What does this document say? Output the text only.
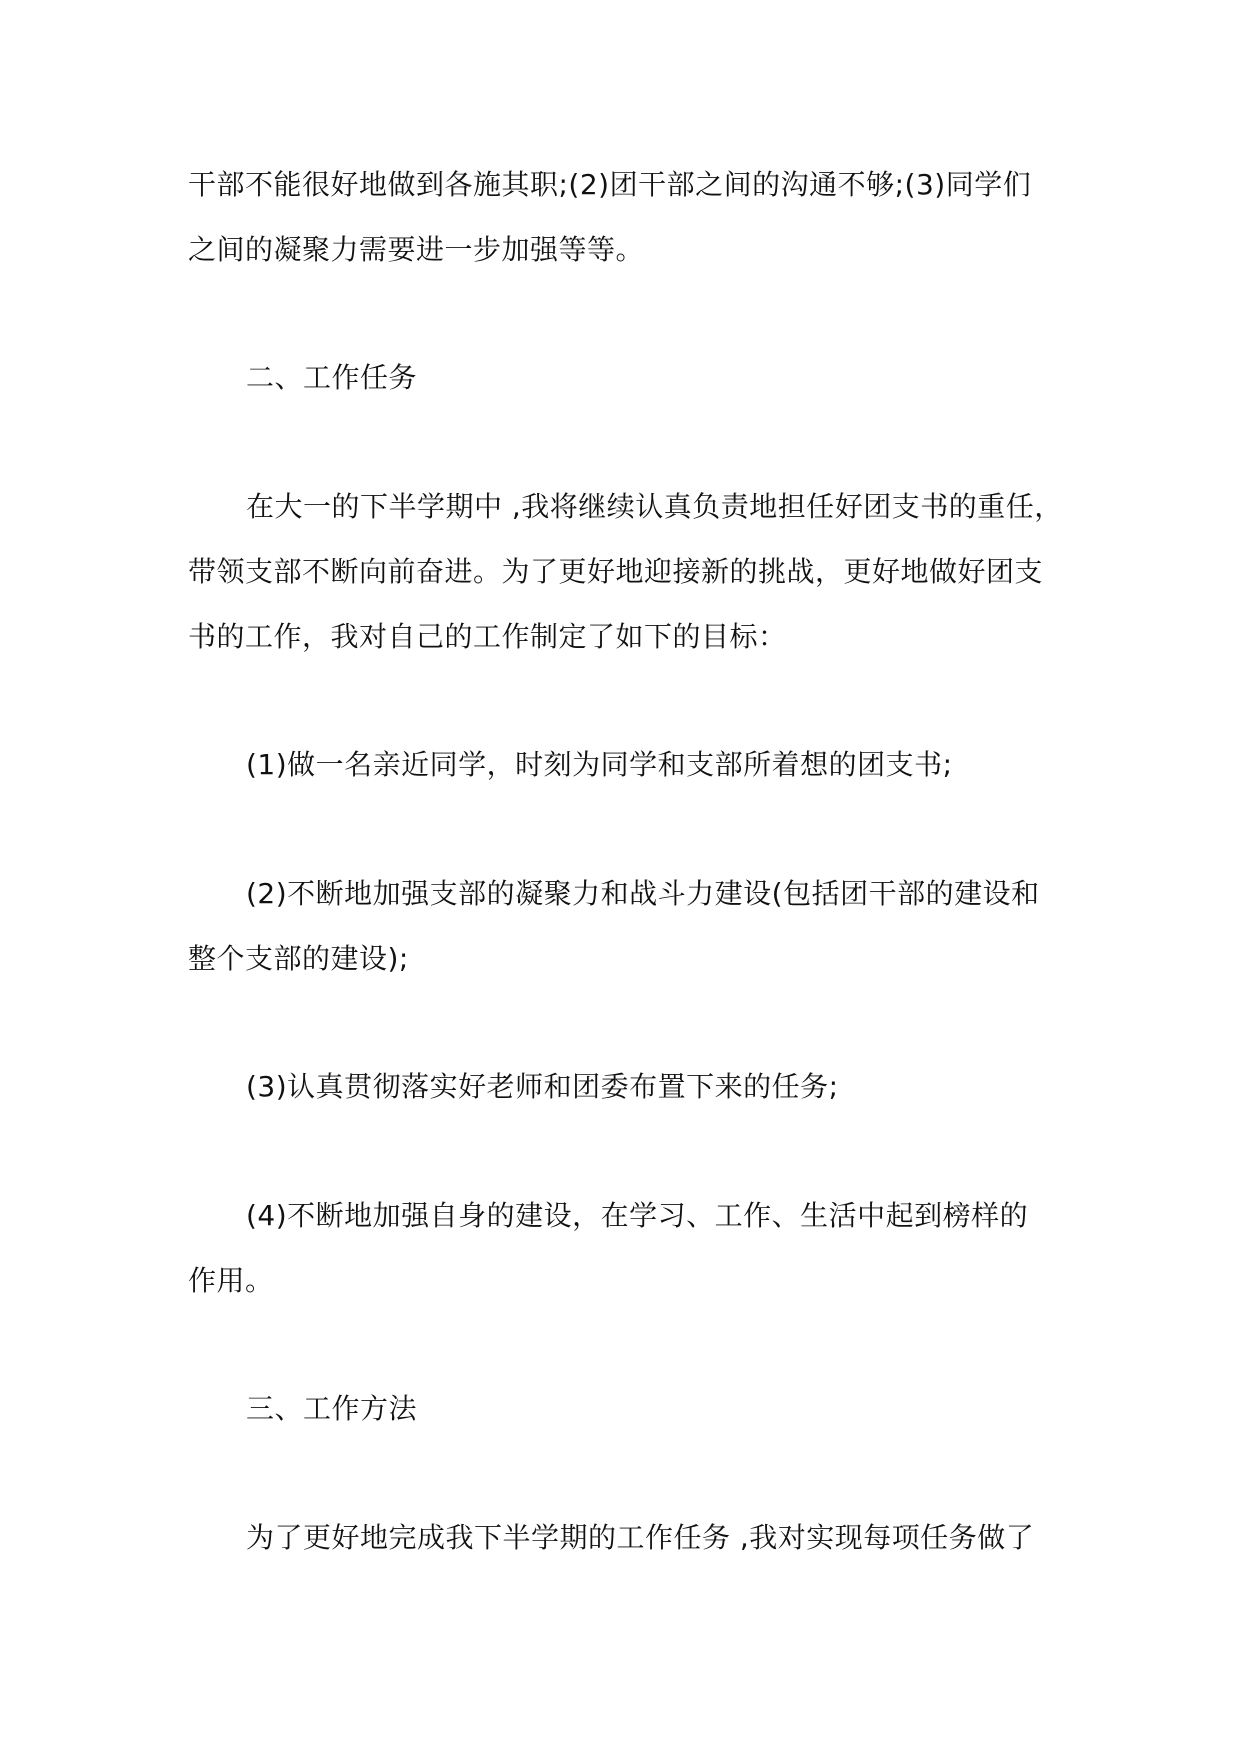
干部不能很好地做到各施其职;(2)团干部之间的沟通不够;(3)同学们
之间的凝聚力需要进一步加强等等。
二、工作任务
在大一的下半学期中 ,我将继续认真负责地担任好团支书的重任，
带领支部不断向前奋进。为了更好地迎接新的挑战，更好地做好团支
书的工作，我对自己的工作制定了如下的目标：
(1)做一名亲近同学，时刻为同学和支部所着想的团支书;
(2)不断地加强支部的凝聚力和战斗力建设(包括团干部的建设和
整个支部的建设);
(3)认真贯彻落实好老师和团委布置下来的任务;
(4)不断地加强自身的建设，在学习、工作、生活中起到榜样的
作用。
三、工作方法
为了更好地完成我下半学期的工作任务 ,我对实现每项任务做了
